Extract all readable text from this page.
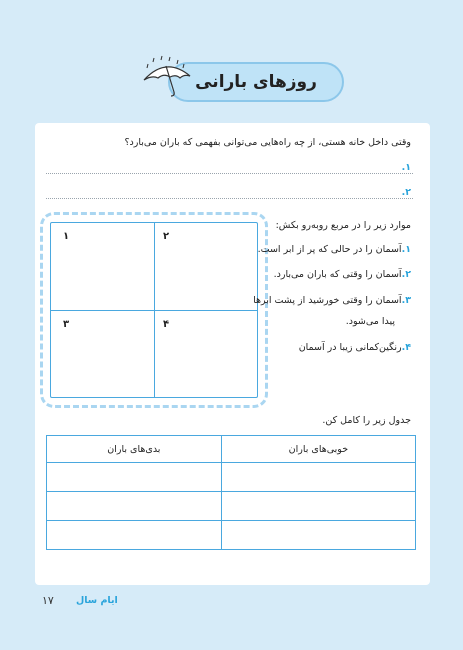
روزهای بارانی
وقتی داخل خانه هستی، از چه راه‌هایی می‌توانی بفهمی که باران می‌بارد؟
۱.
۲.
۱	۲
۳	۴
موارد زیر را در مربع روبه‌رو بکش:
۱.آسمان را در حالی که پر از ابر است.
۲.آسمان را وقتی که باران می‌بارد.
۳.آسمان را وقتی خورشید از پشت ابرها
پیدا می‌شود.
۴.رنگین‌کمانی زیبا در آسمان
جدول زیر را کامل کن.
خوبی‌های باران	بدی‌های باران

ایام سال
۱۷
